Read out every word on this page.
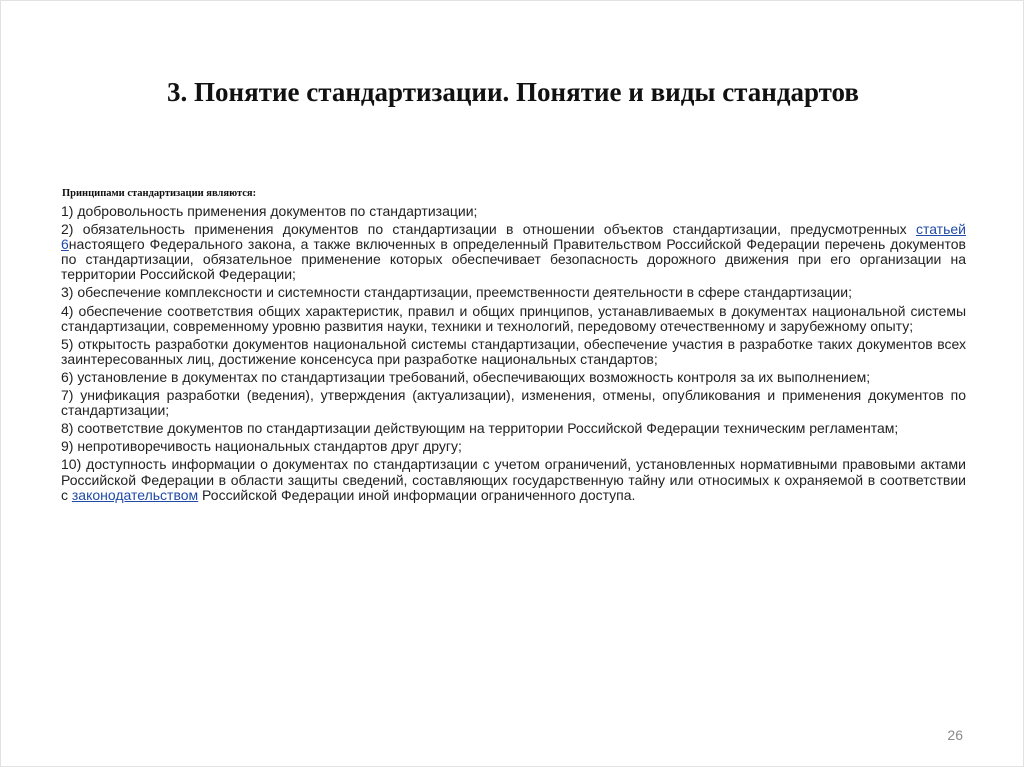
3. Понятие стандартизации. Понятие и виды стандартов
Принципами стандартизации являются:

1) добровольность применения документов по стандартизации;

2) обязательность применения документов по стандартизации в отношении объектов стандартизации, предусмотренных статьей 6настоящего Федерального закона, а также включенных в определенный Правительством Российской Федерации перечень документов по стандартизации, обязательное применение которых обеспечивает безопасность дорожного движения при его организации на территории Российской Федерации;

3) обеспечение комплексности и системности стандартизации, преемственности деятельности в сфере стандартизации;

4) обеспечение соответствия общих характеристик, правил и общих принципов, устанавливаемых в документах национальной системы стандартизации, современному уровню развития науки, техники и технологий, передовому отечественному и зарубежному опыту;

5) открытость разработки документов национальной системы стандартизации, обеспечение участия в разработке таких документов всех заинтересованных лиц, достижение консенсуса при разработке национальных стандартов;

6) установление в документах по стандартизации требований, обеспечивающих возможность контроля за их выполнением;

7) унификация разработки (ведения), утверждения (актуализации), изменения, отмены, опубликования и применения документов по стандартизации;

8) соответствие документов по стандартизации действующим на территории Российской Федерации техническим регламентам;

9) непротиворечивость национальных стандартов друг другу;

10) доступность информации о документах по стандартизации с учетом ограничений, установленных нормативными правовыми актами Российской Федерации в области защиты сведений, составляющих государственную тайну или относимых к охраняемой в соответствии с законодательством Российской Федерации иной информации ограниченного доступа.

26
